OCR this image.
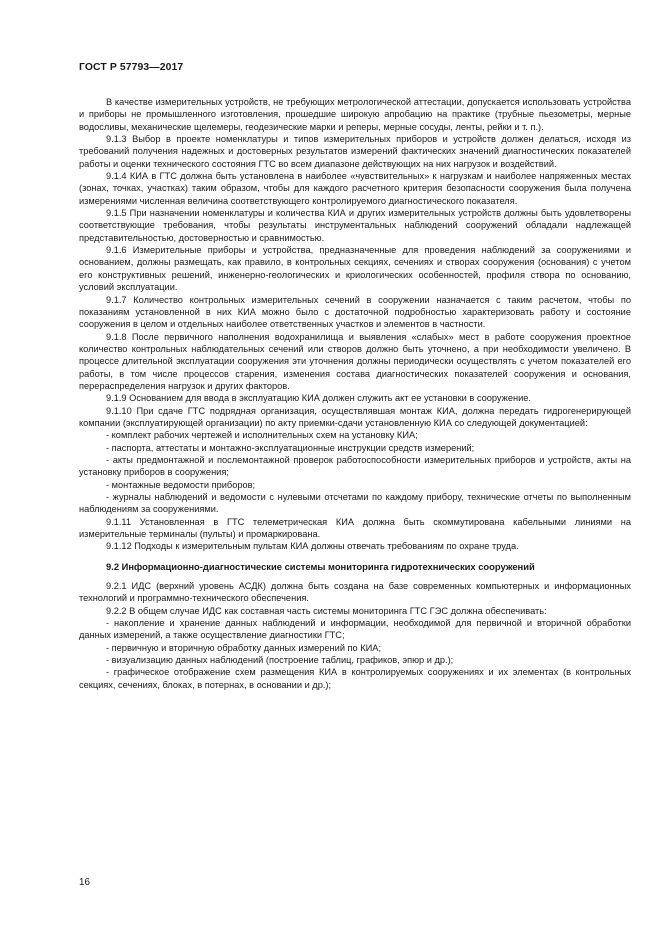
ГОСТ Р 57793—2017

В качестве измерительных устройств, не требующих метрологической аттестации, допускается использовать устройства и приборы не промышленного изготовления, прошедшие широкую апробацию на практике (трубные пьезометры, мерные водосливы, механические щелемеры, геодезические марки и реперы, мерные сосуды, ленты, рейки и т. п.).

9.1.3 Выбор в проекте номенклатуры и типов измерительных приборов и устройств должен делаться, исходя из требований получения надежных и достоверных результатов измерений фактических значений диагностических показателей работы и оценки технического состояния ГТС во всем диапазоне действующих на них нагрузок и воздействий.

9.1.4 КИА в ГТС должна быть установлена в наиболее «чувствительных» к нагрузкам и наиболее напряженных местах (зонах, точках, участках) таким образом, чтобы для каждого расчетного критерия безопасности сооружения была получена измерениями численная величина соответствующего контролируемого диагностического показателя.

9.1.5 При назначении номенклатуры и количества КИА и других измерительных устройств должны быть удовлетворены соответствующие требования, чтобы результаты инструментальных наблюдений сооружений обладали надлежащей представительностью, достоверностью и сравнимостью.

9.1.6 Измерительные приборы и устройства, предназначенные для проведения наблюдений за сооружениями и основанием, должны размещать, как правило, в контрольных секциях, сечениях и створах сооружения (основания) с учетом его конструктивных решений, инженерно-геологических и криологических особенностей, профиля створа по основанию, условий эксплуатации.

9.1.7 Количество контрольных измерительных сечений в сооружении назначается с таким расчетом, чтобы по показаниям установленной в них КИА можно было с достаточной подробностью характеризовать работу и состояние сооружения в целом и отдельных наиболее ответственных участков и элементов в частности.

9.1.8 После первичного наполнения водохранилища и выявления «слабых» мест в работе сооружения проектное количество контрольных наблюдательных сечений или створов должно быть уточнено, а при необходимости увеличено. В процессе длительной эксплуатации сооружения эти уточнения должны периодически осуществлять с учетом показателей его работы, в том числе процессов старения, изменения состава диагностических показателей сооружения и основания, перераспределения нагрузок и других факторов.

9.1.9 Основанием для ввода в эксплуатацию КИА должен служить акт ее установки в сооружение.

9.1.10 При сдаче ГТС подрядная организация, осуществлявшая монтаж КИА, должна передать гидрогенерирующей компании (эксплуатирующей организации) по акту приемки-сдачи установленную КИА со следующей документацией:

- комплект рабочих чертежей и исполнительных схем на установку КИА;

- паспорта, аттестаты и монтажно-эксплуатационные инструкции средств измерений;

- акты предмонтажной и послемонтажной проверок работоспособности измерительных приборов и устройств, акты на установку приборов в сооружения;

- монтажные ведомости приборов;

- журналы наблюдений и ведомости с нулевыми отсчетами по каждому прибору, технические отчеты по выполненным наблюдениям за сооружениями.

9.1.11 Установленная в ГТС телеметрическая КИА должна быть скоммутирована кабельными линиями на измерительные терминалы (пульты) и промаркирована.

9.1.12 Подходы к измерительным пультам КИА должны отвечать требованиям по охране труда.

9.2 Информационно-диагностические системы мониторинга гидротехнических сооружений

9.2.1 ИДС (верхний уровень АСДК) должна быть создана на базе современных компьютерных и информационных технологий и программно-технического обеспечения.

9.2.2 В общем случае ИДС как составная часть системы мониторинга ГТС ГЭС должна обеспечивать:

- накопление и хранение данных наблюдений и информации, необходимой для первичной и вторичной обработки данных измерений, а также осуществление диагностики ГТС;

- первичную и вторичную обработку данных измерений по КИА;

- визуализацию данных наблюдений (построение таблиц, графиков, эпюр и др.);

- графическое отображение схем размещения КИА в контролируемых сооружениях и их элементах (в контрольных секциях, сечениях, блоках, в потернах, в основании и др.);

16
